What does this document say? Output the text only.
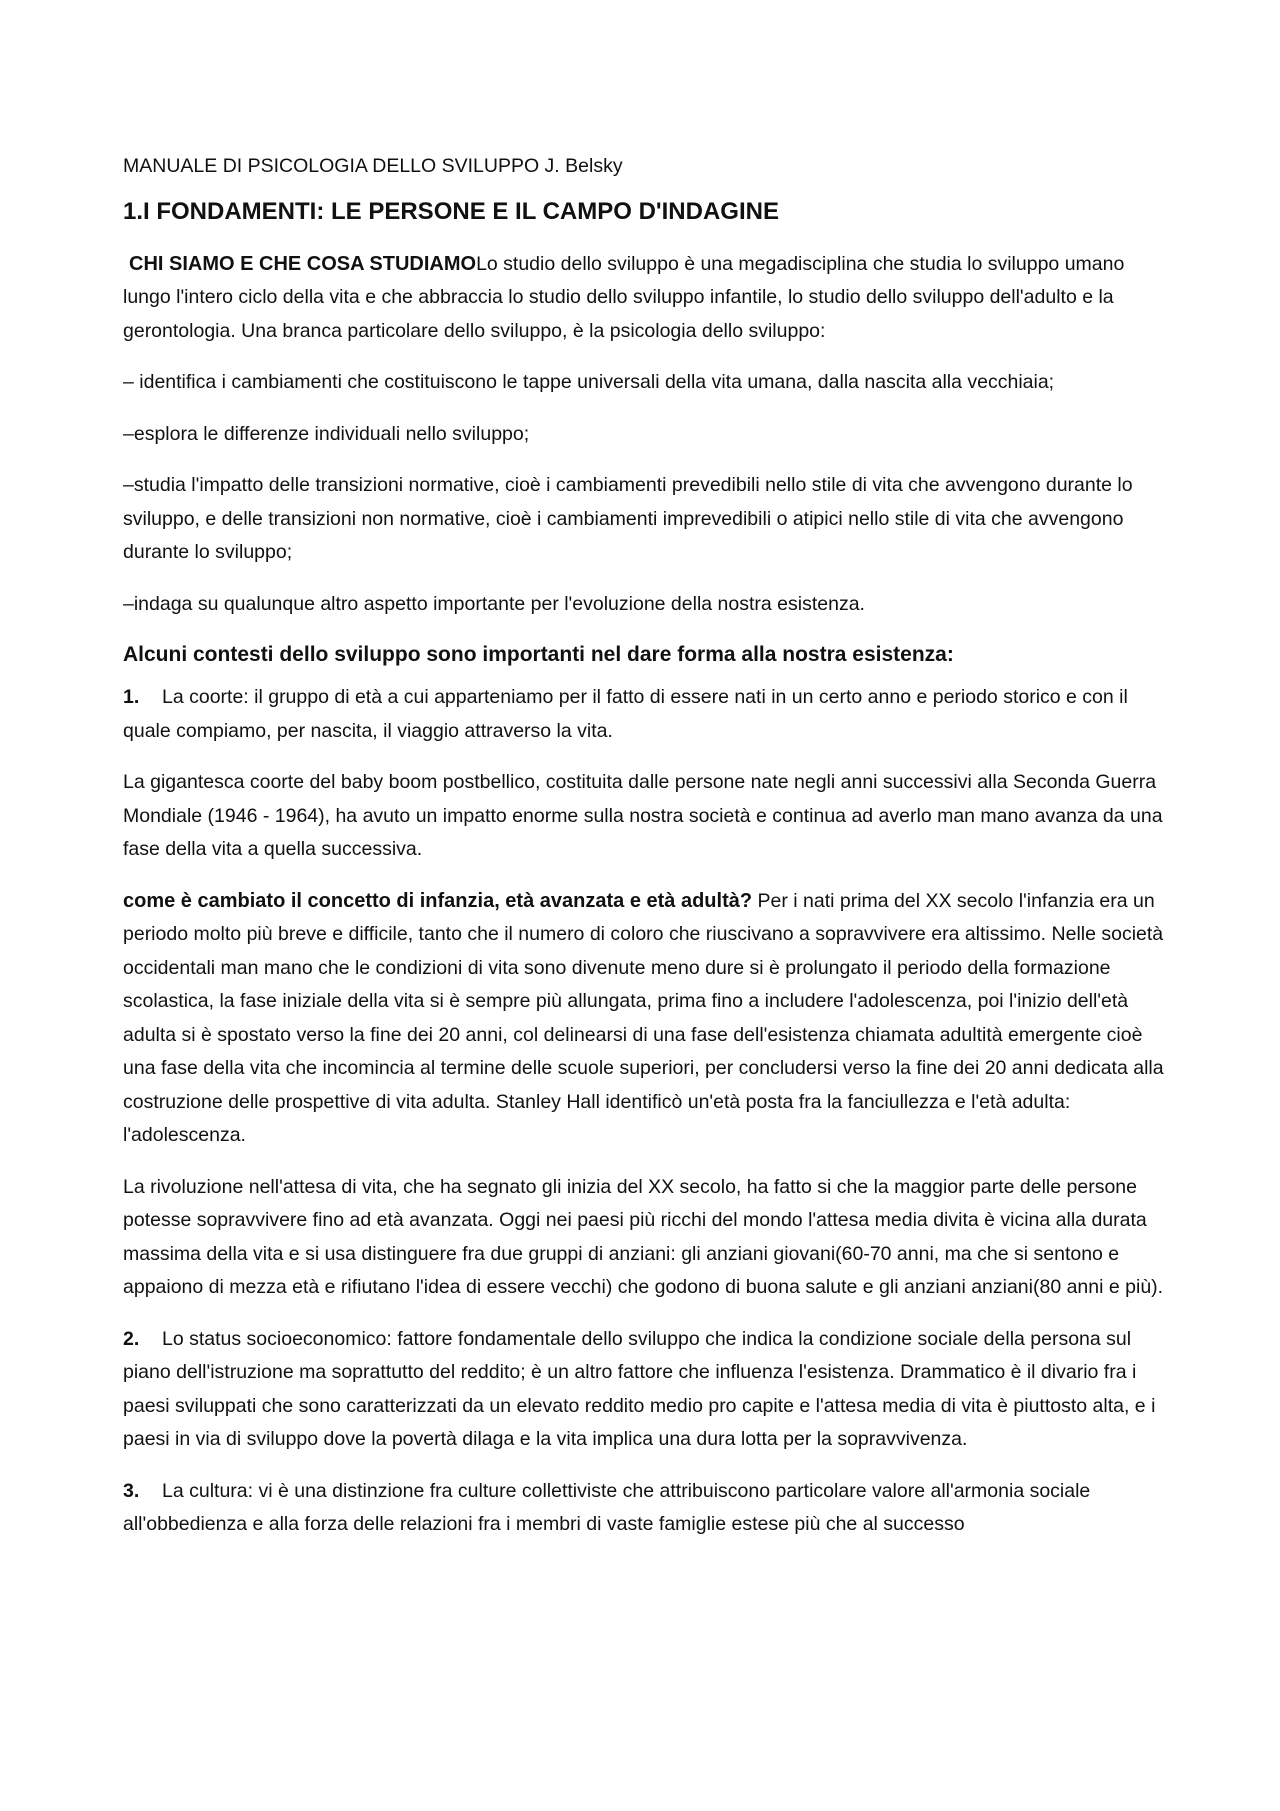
MANUALE DI PSICOLOGIA DELLO SVILUPPO J. Belsky
1.I FONDAMENTI: LE PERSONE E IL CAMPO D'INDAGINE

CHI SIAMO E CHE COSA STUDIAMOLo studio dello sviluppo è una megadisciplina che studia lo sviluppo umano lungo l'intero ciclo della vita e che abbraccia lo studio dello sviluppo infantile, lo studio dello sviluppo dell'adulto e la gerontologia. Una branca particolare dello sviluppo, è la psicologia dello sviluppo:

– identifica i cambiamenti che costituiscono le tappe universali della vita umana, dalla nascita alla vecchiaia;

–esplora le differenze individuali nello sviluppo;

–studia l'impatto delle transizioni normative, cioè i cambiamenti prevedibili nello stile di vita che avvengono durante lo sviluppo, e delle transizioni non normative, cioè i cambiamenti imprevedibili o atipici nello stile di vita che avvengono durante lo sviluppo;

–indaga su qualunque altro aspetto importante per l'evoluzione della nostra esistenza.

Alcuni contesti dello sviluppo sono importanti nel dare forma alla nostra esistenza:

1. La coorte: il gruppo di età a cui apparteniamo per il fatto di essere nati in un certo anno e periodo storico e con il quale compiamo, per nascita, il viaggio attraverso la vita.

La gigantesca coorte del baby boom postbellico, costituita dalle persone nate negli anni successivi alla Seconda Guerra Mondiale (1946 - 1964), ha avuto un impatto enorme sulla nostra società e continua ad averlo man mano avanza da una fase della vita a quella successiva.

come è cambiato il concetto di infanzia, età avanzata e età adultà? Per i nati prima del XX secolo l'infanzia era un periodo molto più breve e difficile, tanto che il numero di coloro che riuscivano a sopravvivere era altissimo. Nelle società occidentali man mano che le condizioni di vita sono divenute meno dure si è prolungato il periodo della formazione scolastica, la fase iniziale della vita si è sempre più allungata, prima fino a includere l'adolescenza, poi l'inizio dell'età adulta si è spostato verso la fine dei 20 anni, col delinearsi di una fase dell'esistenza chiamata adultità emergente cioè una fase della vita che incomincia al termine delle scuole superiori, per concludersi verso la fine dei 20 anni dedicata alla costruzione delle prospettive di vita adulta. Stanley Hall identificò un'età posta fra la fanciullezza e l'età adulta: l'adolescenza.

La rivoluzione nell'attesa di vita, che ha segnato gli inizia del XX secolo, ha fatto si che la maggior parte delle persone potesse sopravvivere fino ad età avanzata. Oggi nei paesi più ricchi del mondo l'attesa media divita è vicina alla durata massima della vita e si usa distinguere fra due gruppi di anziani: gli anziani giovani(60-70 anni, ma che si sentono e appaiono di mezza età e rifiutano l'idea di essere vecchi) che godono di buona salute e gli anziani anziani(80 anni e più).

2. Lo status socioeconomico: fattore fondamentale dello sviluppo che indica la condizione sociale della persona sul piano dell'istruzione ma soprattutto del reddito; è un altro fattore che influenza l'esistenza. Drammatico è il divario fra i paesi sviluppati che sono caratterizzati da un elevato reddito medio pro capite e l'attesa media di vita è piuttosto alta, e i paesi in via di sviluppo dove la povertà dilaga e la vita implica una dura lotta per la sopravvivenza.

3. La cultura: vi è una distinzione fra culture collettiviste che attribuiscono particolare valore all'armonia sociale all'obbedienza e alla forza delle relazioni fra i membri di vaste famiglie estese più che al successo
